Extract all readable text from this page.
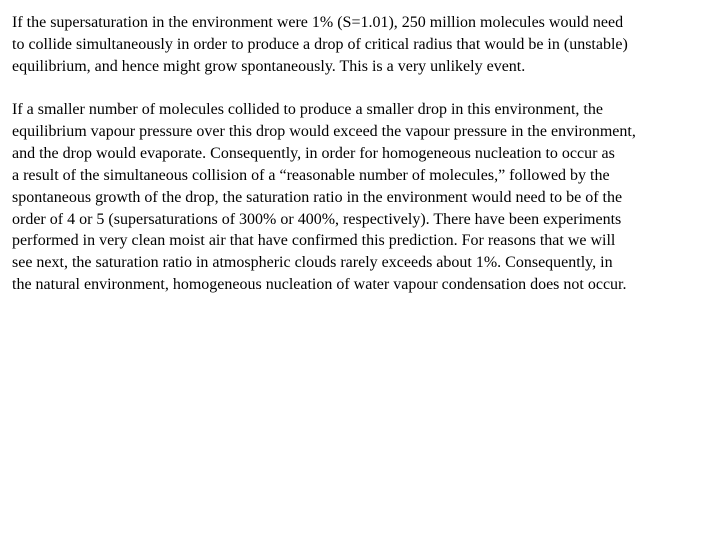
If the supersaturation in the environment were 1% (S=1.01), 250 million molecules would need
to collide simultaneously in order to produce a drop of critical radius that would be in (unstable)
equilibrium, and hence might grow spontaneously. This is a very unlikely event.

If a smaller number of molecules collided to produce a smaller drop in this environment, the
equilibrium vapour pressure over this drop would exceed the vapour pressure in the environment,
and the drop would evaporate. Consequently, in order for homogeneous nucleation to occur as
a result of the simultaneous collision of a “reasonable number of molecules,” followed by the
spontaneous growth of the drop, the saturation ratio in the environment would need to be of the
order of 4 or 5 (supersaturations of 300% or 400%, respectively). There have been experiments
performed in very clean moist air that have confirmed this prediction. For reasons that we will
see next, the saturation ratio in atmospheric clouds rarely exceeds about 1%. Consequently, in
the natural environment, homogeneous nucleation of water vapour condensation does not occur.
